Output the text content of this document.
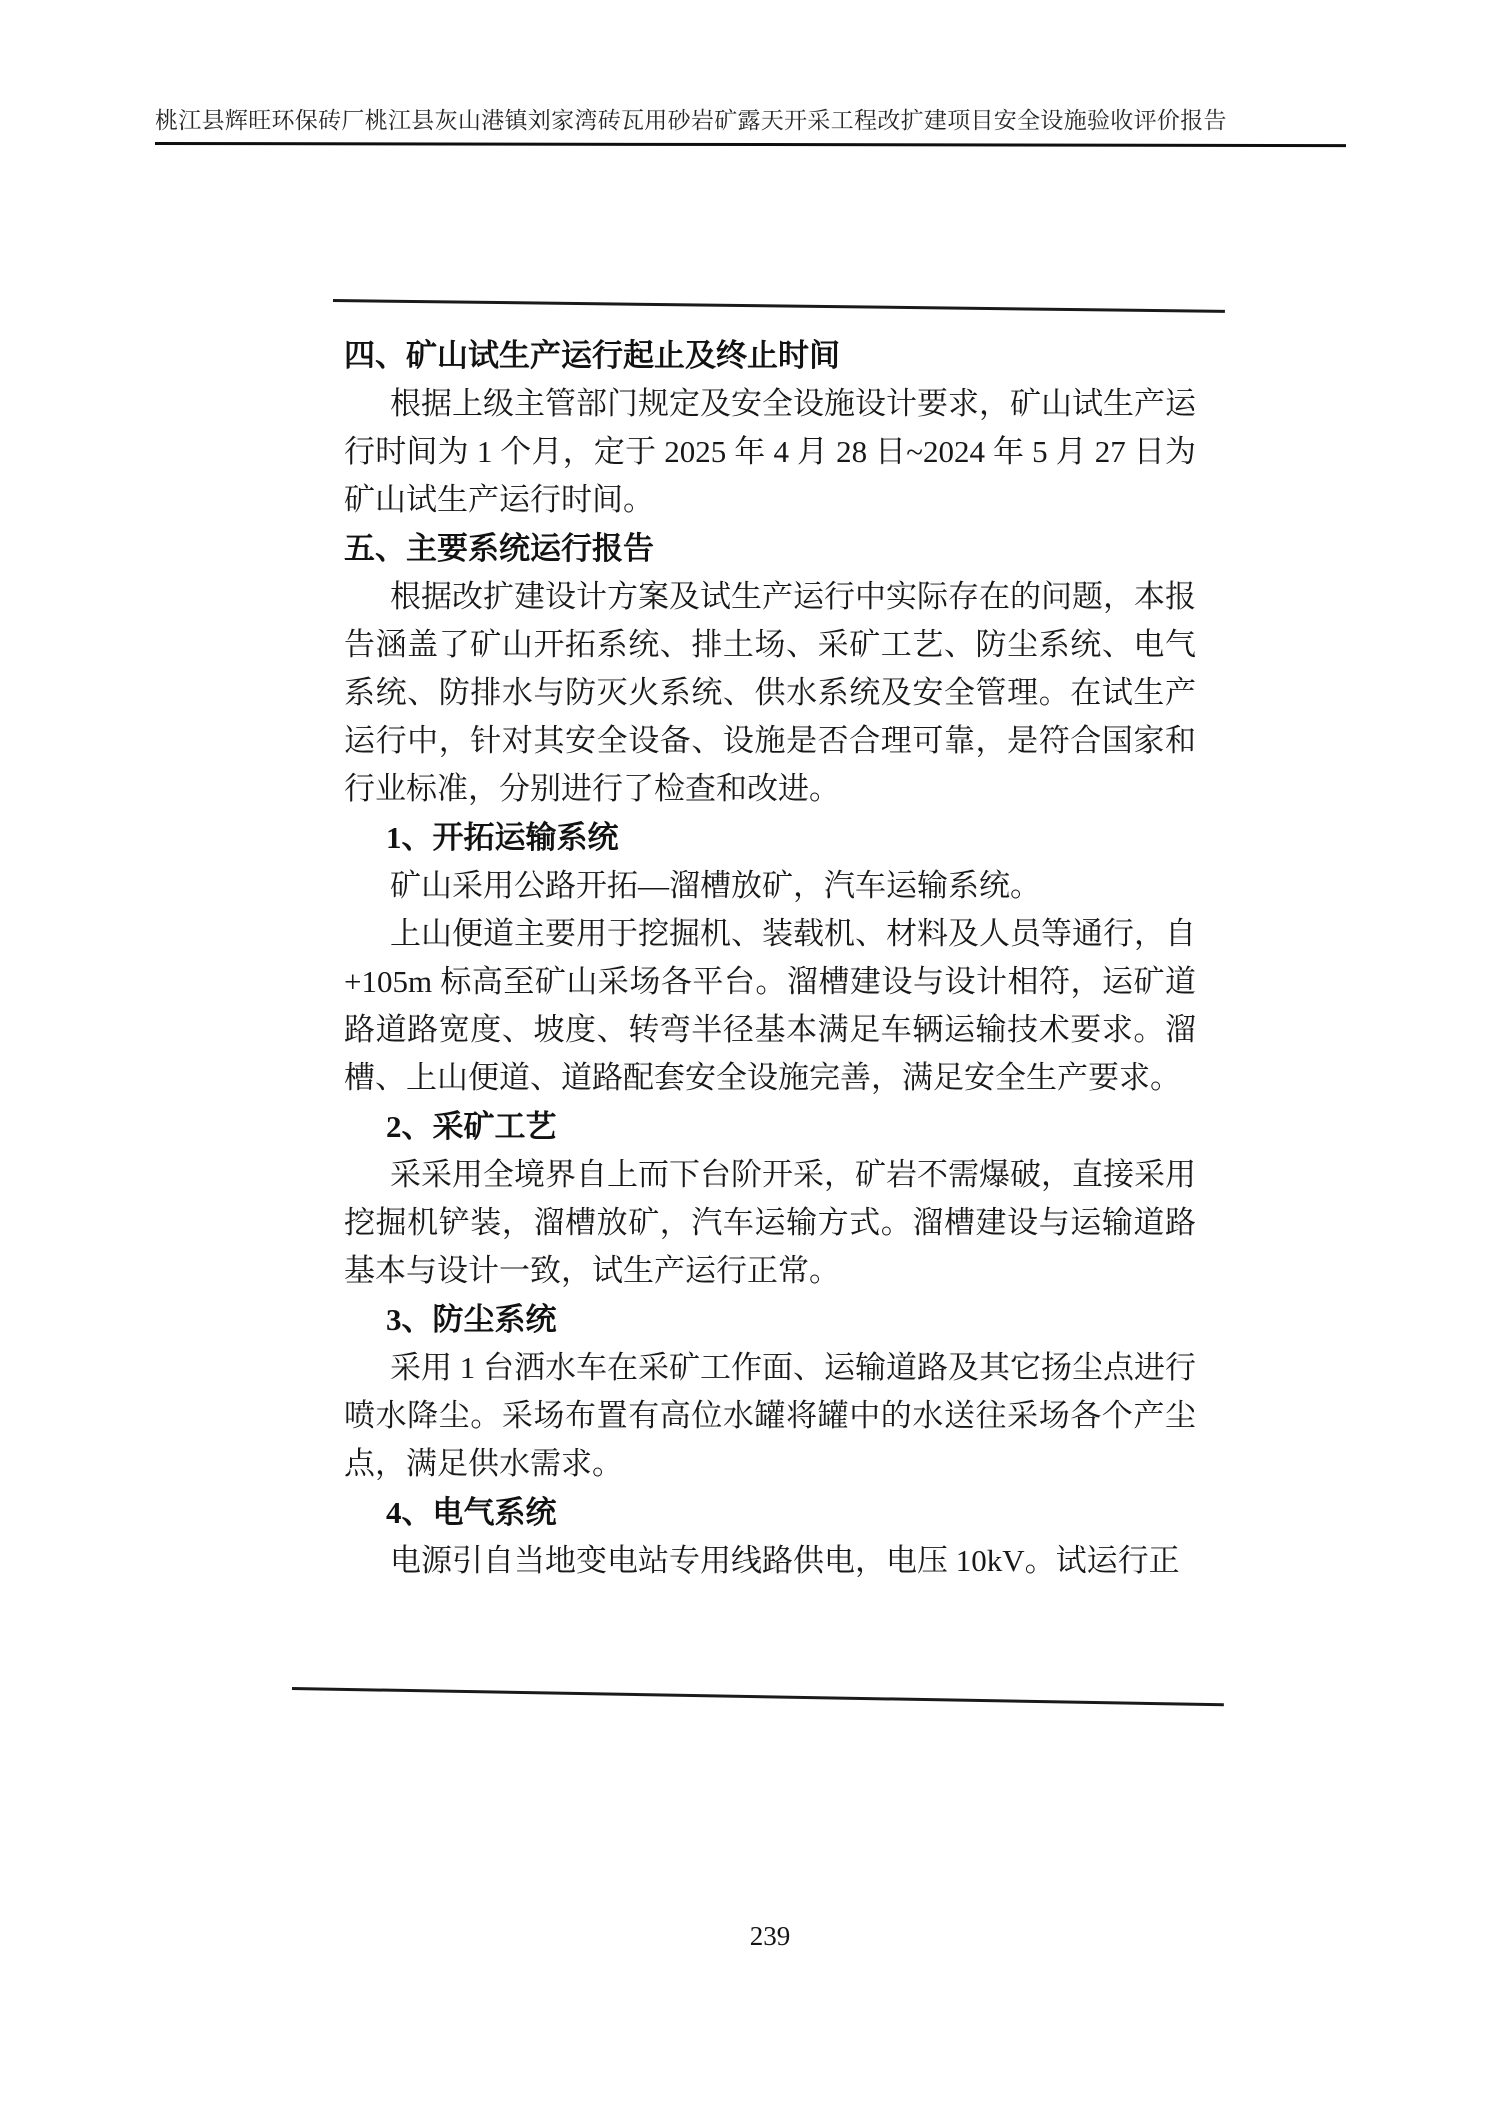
桃江县辉旺环保砖厂桃江县灰山港镇刘家湾砖瓦用砂岩矿露天开采工程改扩建项目安全设施验收评价报告
四、矿山试生产运行起止及终止时间

根据上级主管部门规定及安全设施设计要求，矿山试生产运行时间为 1 个月，定于 2025 年 4 月 28 日~2024 年 5 月 27 日为矿山试生产运行时间。

五、主要系统运行报告

根据改扩建设计方案及试生产运行中实际存在的问题，本报告涵盖了矿山开拓系统、排土场、采矿工艺、防尘系统、电气系统、防排水与防灭火系统、供水系统及安全管理。在试生产运行中，针对其安全设备、设施是否合理可靠，是符合国家和行业标准，分别进行了检查和改进。

1、开拓运输系统

矿山采用公路开拓—溜槽放矿，汽车运输系统。

上山便道主要用于挖掘机、装载机、材料及人员等通行，自+105m 标高至矿山采场各平台。溜槽建设与设计相符，运矿道路道路宽度、坡度、转弯半径基本满足车辆运输技术要求。溜槽、上山便道、道路配套安全设施完善，满足安全生产要求。

2、采矿工艺

采采用全境界自上而下台阶开采，矿岩不需爆破，直接采用挖掘机铲装，溜槽放矿，汽车运输方式。溜槽建设与运输道路基本与设计一致，试生产运行正常。

3、防尘系统

采用 1 台洒水车在采矿工作面、运输道路及其它扬尘点进行喷水降尘。采场布置有高位水罐将罐中的水送往采场各个产尘点，满足供水需求。

4、电气系统

电源引自当地变电站专用线路供电，电压 10kV。试运行正

239
